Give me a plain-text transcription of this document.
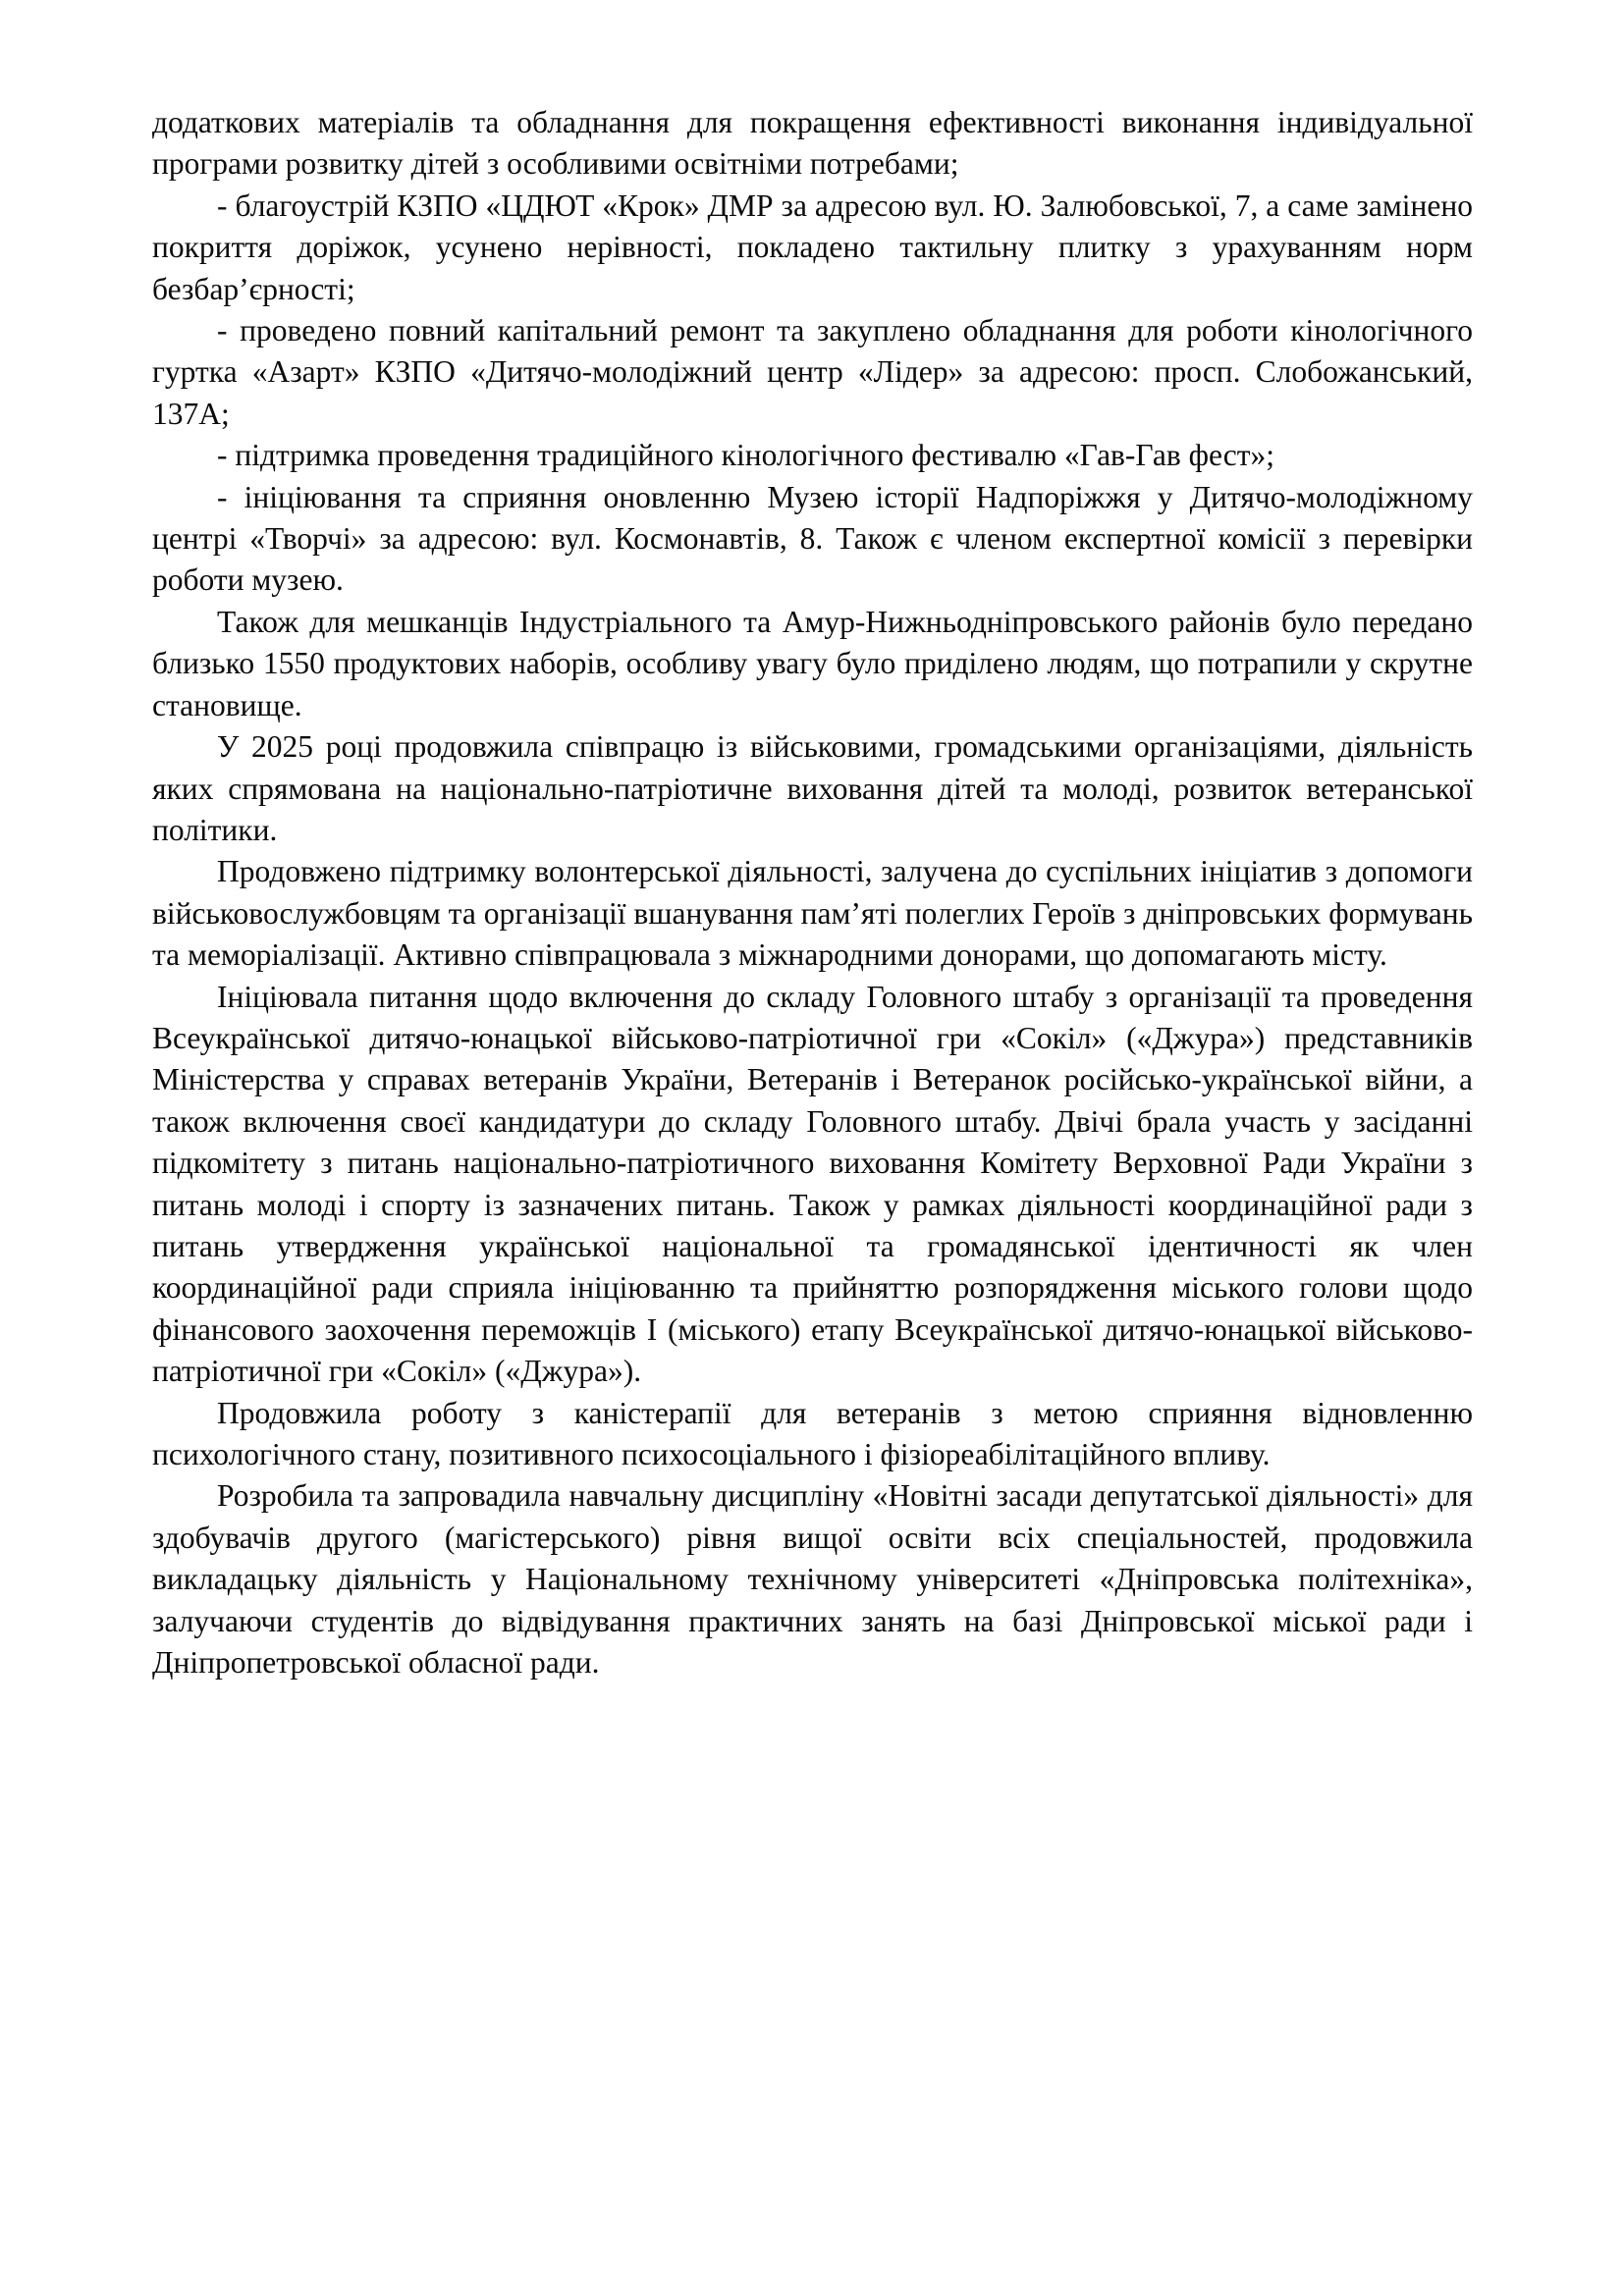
додаткових матеріалів та обладнання для покращення ефективності виконання індивідуальної програми розвитку дітей з особливими освітніми потребами;

- благоустрій КЗПО «ЦДЮТ «Крок» ДМР за адресою вул. Ю. Залюбовської, 7, а саме замінено покриття доріжок, усунено нерівності, покладено тактильну плитку з урахуванням норм безбар’єрності;

- проведено повний капітальний ремонт та закуплено обладнання для роботи кінологічного гуртка «Азарт» КЗПО «Дитячо-молодіжний центр «Лідер» за адресою: просп. Слобожанський, 137А;

- підтримка проведення традиційного кінологічного фестивалю «Гав-Гав фест»;

- ініціювання та сприяння оновленню Музею історії Надпоріжжя у Дитячо-молодіжному центрі «Творчі» за адресою: вул. Космонавтів, 8. Також є членом експертної комісії з перевірки роботи музею.

Також для мешканців Індустріального та Амур-Нижньодніпровського районів було передано близько 1550 продуктових наборів, особливу увагу було приділено людям, що потрапили у скрутне становище.

У 2025 році продовжила співпрацю із військовими, громадськими організаціями, діяльність яких спрямована на національно-патріотичне виховання дітей та молоді, розвиток ветеранської політики.

Продовжено підтримку волонтерської діяльності, залучена до суспільних ініціатив з допомоги військовослужбовцям та організації вшанування пам’яті полеглих Героїв з дніпровських формувань та меморіалізації. Активно співпрацювала з міжнародними донорами, що допомагають місту.

Ініціювала питання щодо включення до складу Головного штабу з організації та проведення Всеукраїнської дитячо-юнацької військово-патріотичної гри «Сокіл» («Джура») представників Міністерства у справах ветеранів України, Ветеранів і Ветеранок російсько-української війни, а також включення своєї кандидатури до складу Головного штабу. Двічі брала участь у засіданні підкомітету з питань національно-патріотичного виховання Комітету Верховної Ради України з питань молоді і спорту із зазначених питань. Також у рамках діяльності координаційної ради з питань утвердження української національної та громадянської ідентичності як член координаційної ради сприяла ініціюванню та прийняттю розпорядження міського голови щодо фінансового заохочення переможців І (міського) етапу Всеукраїнської дитячо-юнацької військово-патріотичної гри «Сокіл» («Джура»).

Продовжила роботу з каністерапії для ветеранів з метою сприяння відновленню психологічного стану, позитивного психосоціального і фізіореабілітаційного впливу.

Розробила та запровадила навчальну дисципліну «Новітні засади депутатської діяльності» для здобувачів другого (магістерського) рівня вищої освіти всіх спеціальностей, продовжила викладацьку діяльність у Національному технічному університеті «Дніпровська політехніка», залучаючи студентів до відвідування практичних занять на базі Дніпровської міської ради і Дніпропетровської обласної ради.
